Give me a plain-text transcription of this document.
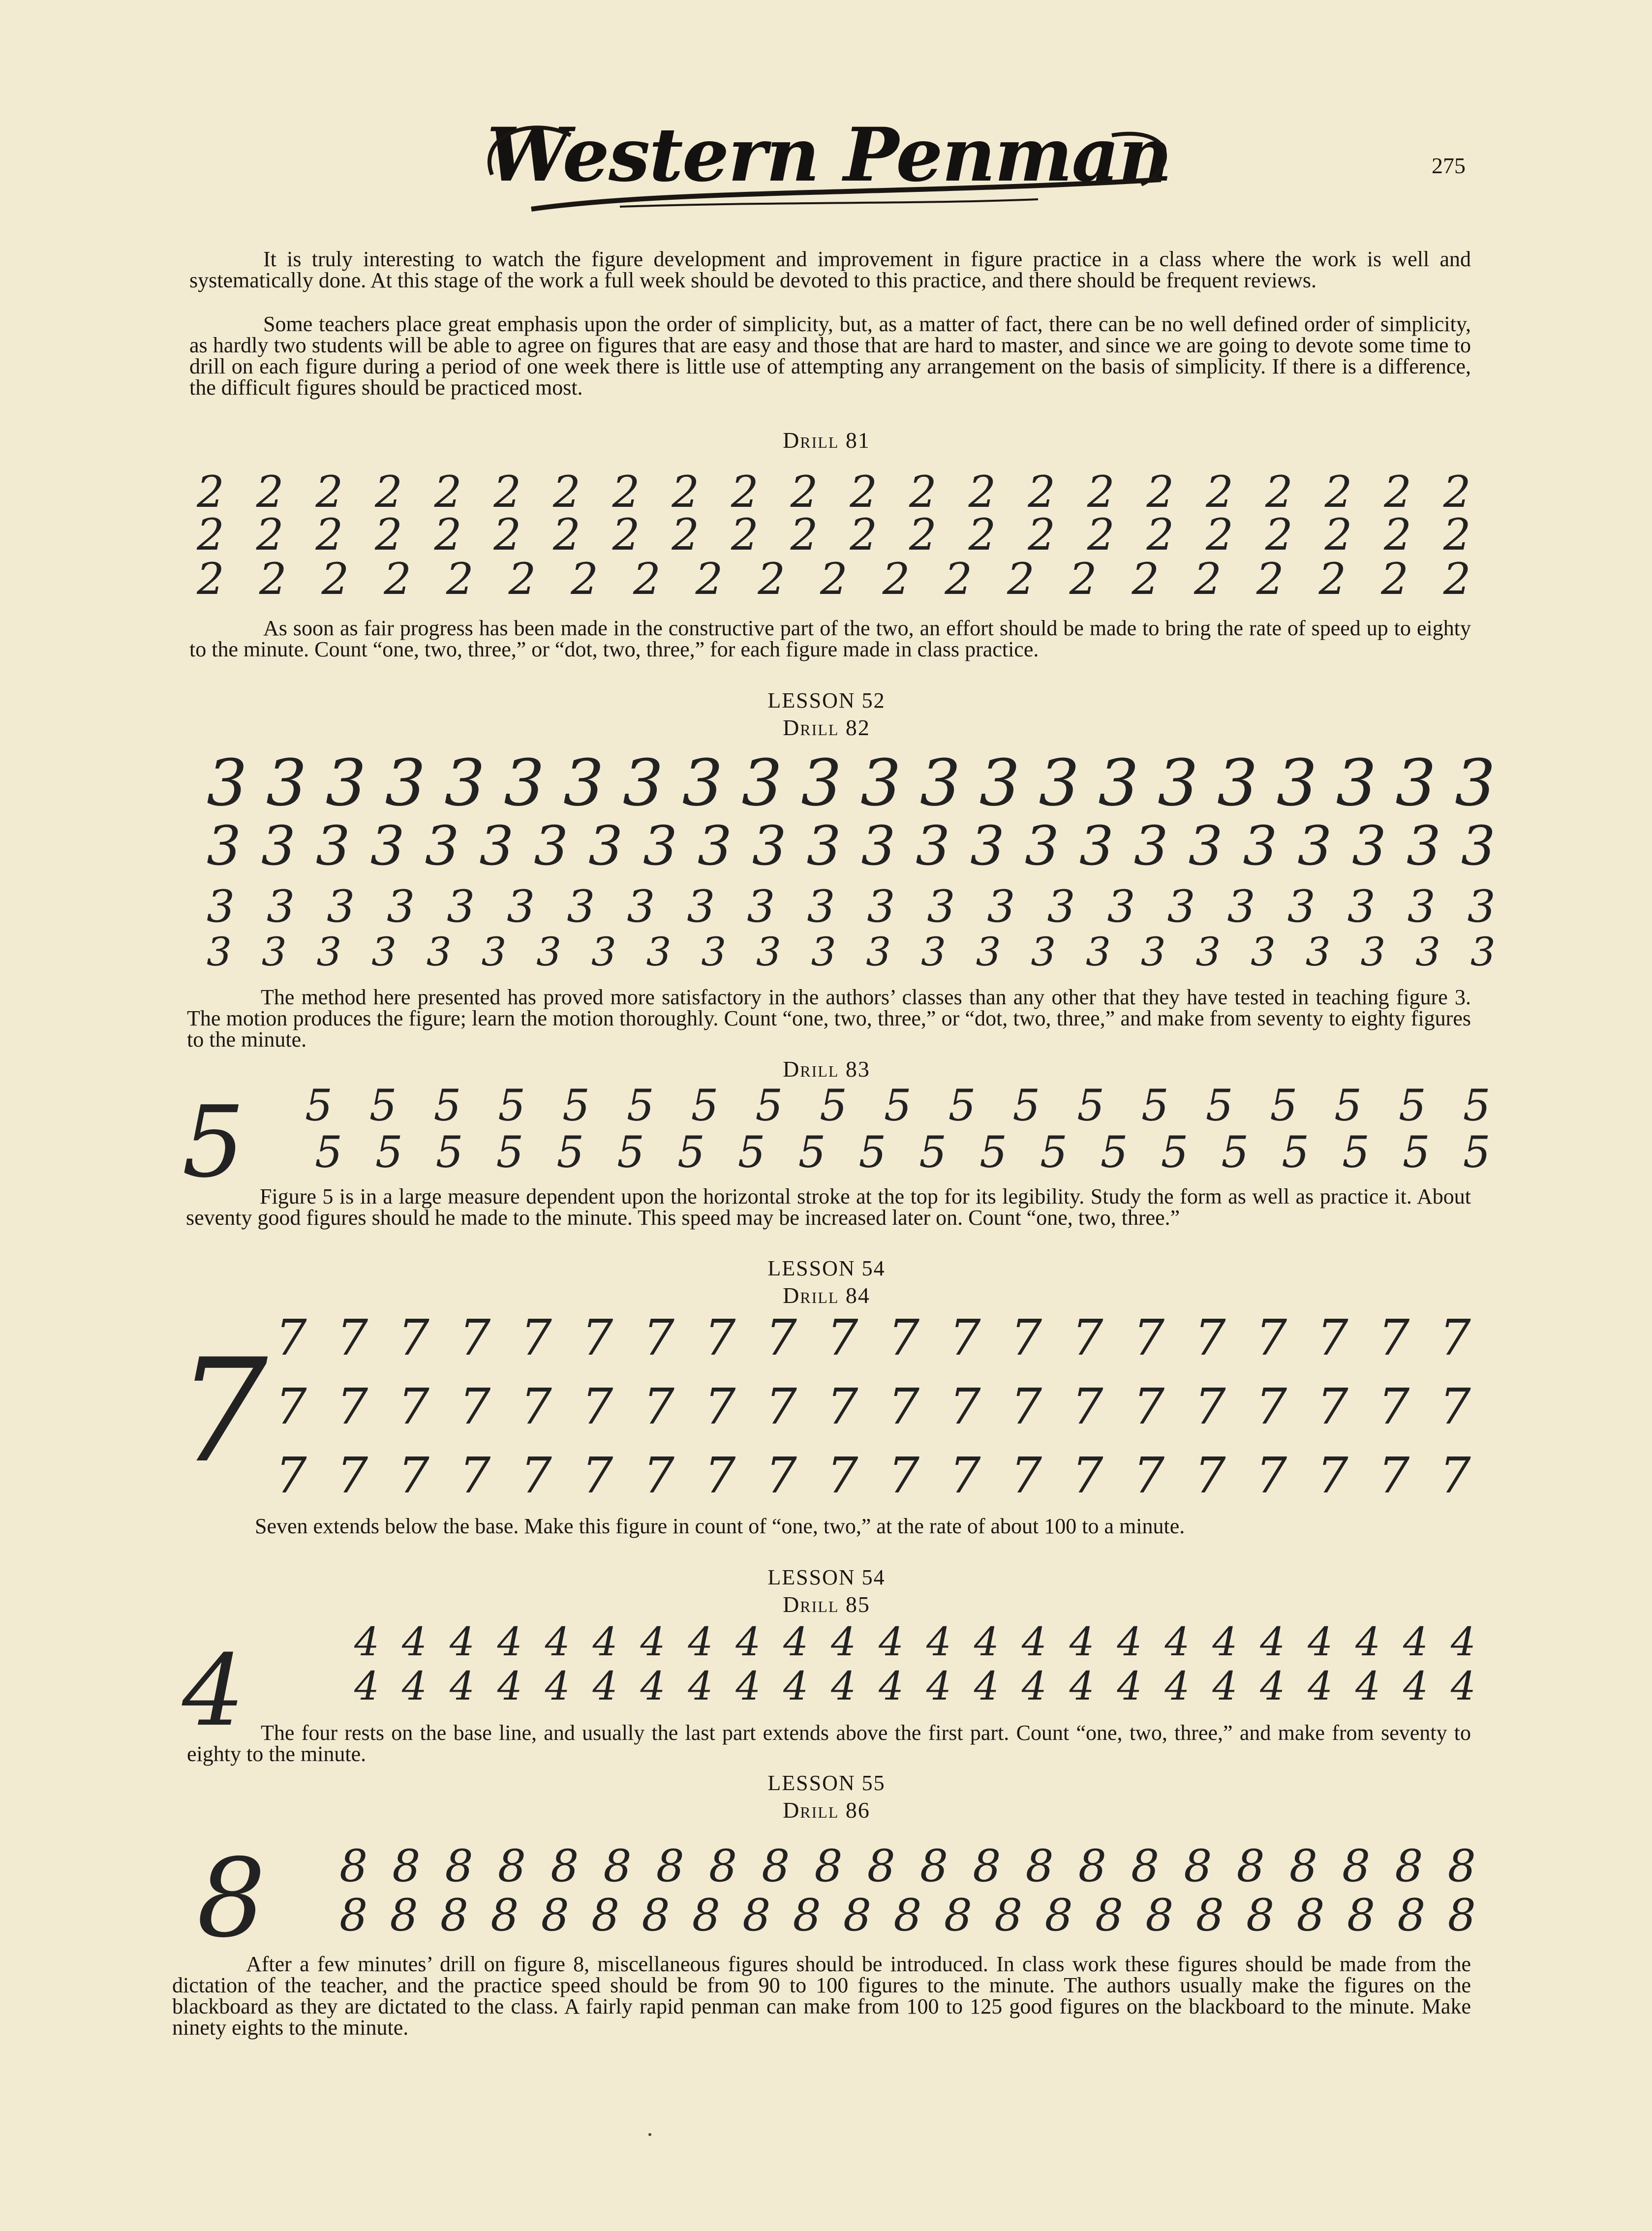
Western Penman	275
It is truly interesting to watch the figure development and improvement in figure practice in a class where the work is well and systematically done. At this stage of the work a full week should be devoted to this practice, and there should be frequent reviews.
Some teachers place great emphasis upon the order of simplicity, but, as a matter of fact, there can be no well defined order of simplicity, as hardly two students will be able to agree on figures that are easy and those that are hard to master, and since we are going to devote some time to drill on each figure during a period of one week there is little use of attempting any arrangement on the basis of simplicity. If there is a difference, the difficult figures should be practiced most.
Drill 81
2 2 2 2 2 2 2 2 2 2 2 2 2 2 2 2 2 2 2 2 2 2
2 2 2 2 2 2 2 2 2 2 2 2 2 2 2 2 2 2 2 2 2 2
2 2 2 2 2 2 2 2 2 2 2 2 2 2 2 2 2 2 2 2 2
As soon as fair progress has been made in the constructive part of the two, an effort should be made to bring the rate of speed up to eighty to the minute. Count “one, two, three,” or “dot, two, three,” for each figure made in class practice.
LESSON 52
Drill 82
3 3 3 3 3 3 3 3 3 3 3 3 3 3 3 3 3 3 3 3 3 3
3 3 3 3 3 3 3 3 3 3 3 3 3 3 3 3 3 3 3 3 3 3 3 3
3 3 3 3 3 3 3 3 3 3 3 3 3 3 3 3 3 3 3 3 3 3
3 3 3 3 3 3 3 3 3 3 3 3 3 3 3 3 3 3 3 3 3 3 3 3
The method here presented has proved more satisfactory in the authors’ classes than any other that they have tested in teaching figure 3. The motion produces the figure; learn the motion thoroughly. Count “one, two, three,” or “dot, two, three,” and make from seventy to eighty figures to the minute.
Drill 83
5 5 5 5 5 5 5 5 5 5 5 5 5 5 5 5 5 5 5 5
5 5 5 5 5 5 5 5 5 5 5 5 5 5 5 5 5 5 5 5
Figure 5 is in a large measure dependent upon the horizontal stroke at the top for its legibility. Study the form as well as practice it. About seventy good figures should he made to the minute. This speed may be increased later on. Count “one, two, three.”
LESSON 54
Drill 84
7 7 7 7 7 7 7 7 7 7 7 7 7 7 7 7 7 7 7 7 7
7 7 7 7 7 7 7 7 7 7 7 7 7 7 7 7 7 7 7 7
7 7 7 7 7 7 7 7 7 7 7 7 7 7 7 7 7 7 7 7
Seven extends below the base. Make this figure in count of “one, two,” at the rate of about 100 to a minute.
LESSON 54
Drill 85
4	4 4 4 4 4 4 4 4 4 4 4 4 4 4 4 4 4 4 4 4 4 4 4 4
4 4 4 4 4 4 4 4 4 4 4 4 4 4 4 4 4 4 4 4 4 4 4 4
The four rests on the base line, and usually the last part extends above the first part. Count “one, two, three,” and make from seventy to eighty to the minute.
LESSON 55
Drill 86
8 8 8 8 8 8 8 8 8 8 8 8 8 8 8 8 8 8 8 8 8 8 8
8 8 8 8 8 8 8 8 8 8 8 8 8 8 8 8 8 8 8 8 8 8 8
After a few minutes’ drill on figure 8, miscellaneous figures should be introduced. In class work these figures should be made from the dictation of the teacher, and the practice speed should be from 90 to 100 figures to the minute. The authors usually make the figures on the blackboard as they are dictated to the class. A fairly rapid penman can make from 100 to 125 good figures on the blackboard to the minute. Make ninety eights to the minute.
